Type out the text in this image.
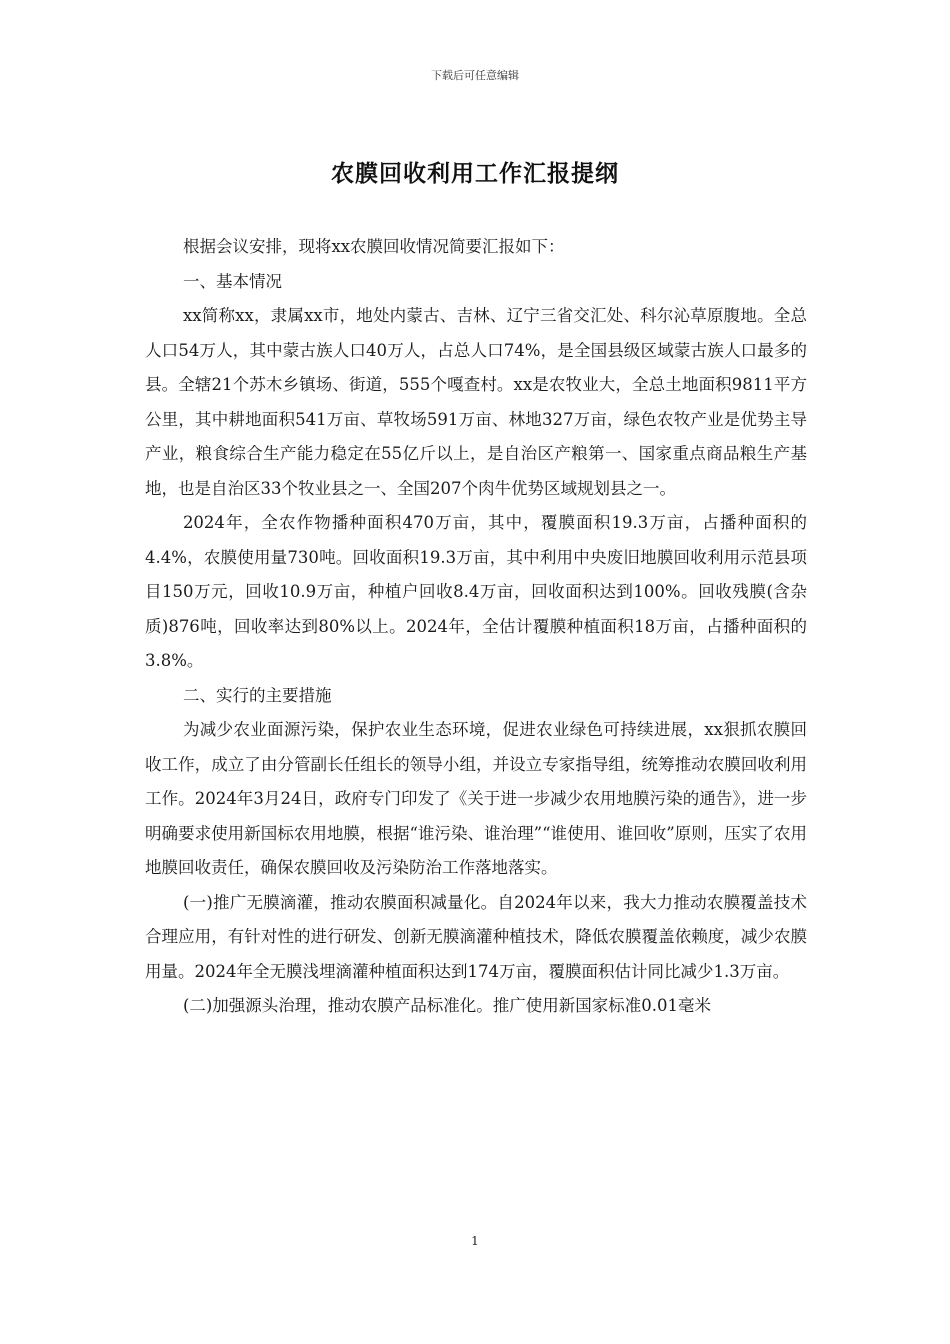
下载后可任意编辑
农膜回收利用工作汇报提纲

根据会议安排，现将xx农膜回收情况简要汇报如下：

一、基本情况

xx简称xx，隶属xx市，地处内蒙古、吉林、辽宁三省交汇处、科尔沁草原腹地。全总人口54万人，其中蒙古族人口40万人，占总人口74%，是全国县级区域蒙古族人口最多的县。全辖21个苏木乡镇场、街道，555个嘎查村。xx是农牧业大，全总土地面积9811平方公里，其中耕地面积541万亩、草牧场591万亩、林地327万亩，绿色农牧产业是优势主导产业，粮食综合生产能力稳定在55亿斤以上，是自治区产粮第一、国家重点商品粮生产基地，也是自治区33个牧业县之一、全国207个肉牛优势区域规划县之一。

2024年，全农作物播种面积470万亩，其中，覆膜面积19.3万亩，占播种面积的4.4%，农膜使用量730吨。回收面积19.3万亩，其中利用中央废旧地膜回收利用示范县项目150万元，回收10.9万亩，种植户回收8.4万亩，回收面积达到100%。回收残膜(含杂质)876吨，回收率达到80%以上。2024年，全估计覆膜种植面积18万亩，占播种面积的3.8%。

二、实行的主要措施

为减少农业面源污染，保护农业生态环境，促进农业绿色可持续进展，xx狠抓农膜回收工作，成立了由分管副长任组长的领导小组，并设立专家指导组，统筹推动农膜回收利用工作。2024年3月24日，政府专门印发了《关于进一步减少农用地膜污染的通告》，进一步明确要求使用新国标农用地膜，根据“谁污染、谁治理”“谁使用、谁回收”原则，压实了农用地膜回收责任，确保农膜回收及污染防治工作落地落实。

(一)推广无膜滴灌，推动农膜面积减量化。自2024年以来，我大力推动农膜覆盖技术合理应用，有针对性的进行研发、创新无膜滴灌种植技术，降低农膜覆盖依赖度，减少农膜用量。2024年全无膜浅埋滴灌种植面积达到174万亩，覆膜面积估计同比减少1.3万亩。

(二)加强源头治理，推动农膜产品标准化。推广使用新国家标准0.01毫米

1
